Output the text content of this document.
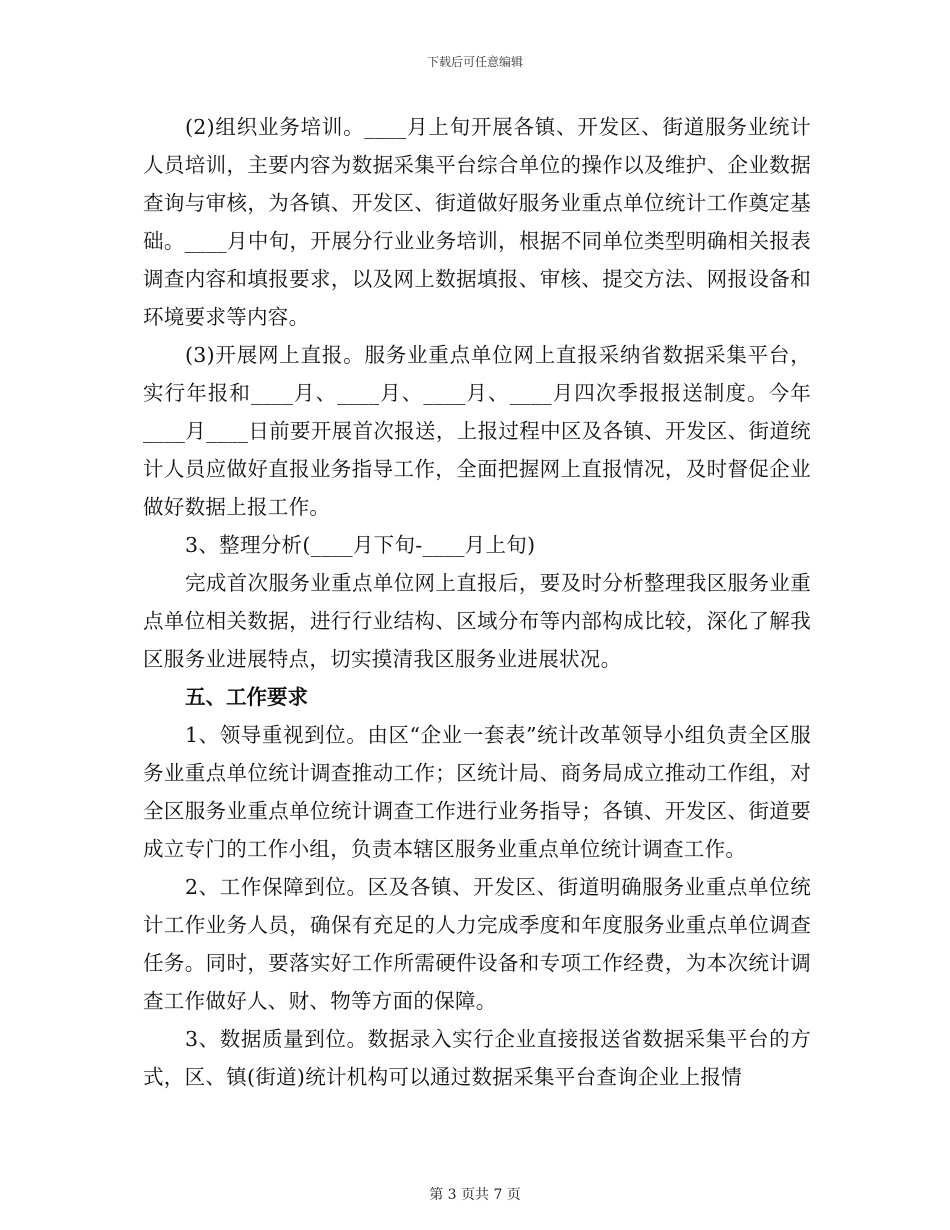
下载后可任意编辑

(2)组织业务培训。____月上旬开展各镇、开发区、街道服务业统计人员培训，主要内容为数据采集平台综合单位的操作以及维护、企业数据查询与审核，为各镇、开发区、街道做好服务业重点单位统计工作奠定基础。____月中旬，开展分行业业务培训，根据不同单位类型明确相关报表调查内容和填报要求，以及网上数据填报、审核、提交方法、网报设备和环境要求等内容。

(3)开展网上直报。服务业重点单位网上直报采纳省数据采集平台，实行年报和____月、____月、____月、____月四次季报报送制度。今年____月____日前要开展首次报送，上报过程中区及各镇、开发区、街道统计人员应做好直报业务指导工作，全面把握网上直报情况，及时督促企业做好数据上报工作。

3、整理分析(____月下旬-____月上旬)

完成首次服务业重点单位网上直报后，要及时分析整理我区服务业重点单位相关数据，进行行业结构、区域分布等内部构成比较，深化了解我区服务业进展特点，切实摸清我区服务业进展状况。

五、工作要求

1、领导重视到位。由区“企业一套表”统计改革领导小组负责全区服务业重点单位统计调查推动工作；区统计局、商务局成立推动工作组，对全区服务业重点单位统计调查工作进行业务指导；各镇、开发区、街道要成立专门的工作小组，负责本辖区服务业重点单位统计调查工作。

2、工作保障到位。区及各镇、开发区、街道明确服务业重点单位统计工作业务人员，确保有充足的人力完成季度和年度服务业重点单位调查任务。同时，要落实好工作所需硬件设备和专项工作经费，为本次统计调查工作做好人、财、物等方面的保障。

3、数据质量到位。数据录入实行企业直接报送省数据采集平台的方式，区、镇(街道)统计机构可以通过数据采集平台查询企业上报情

第 3 页共 7 页
